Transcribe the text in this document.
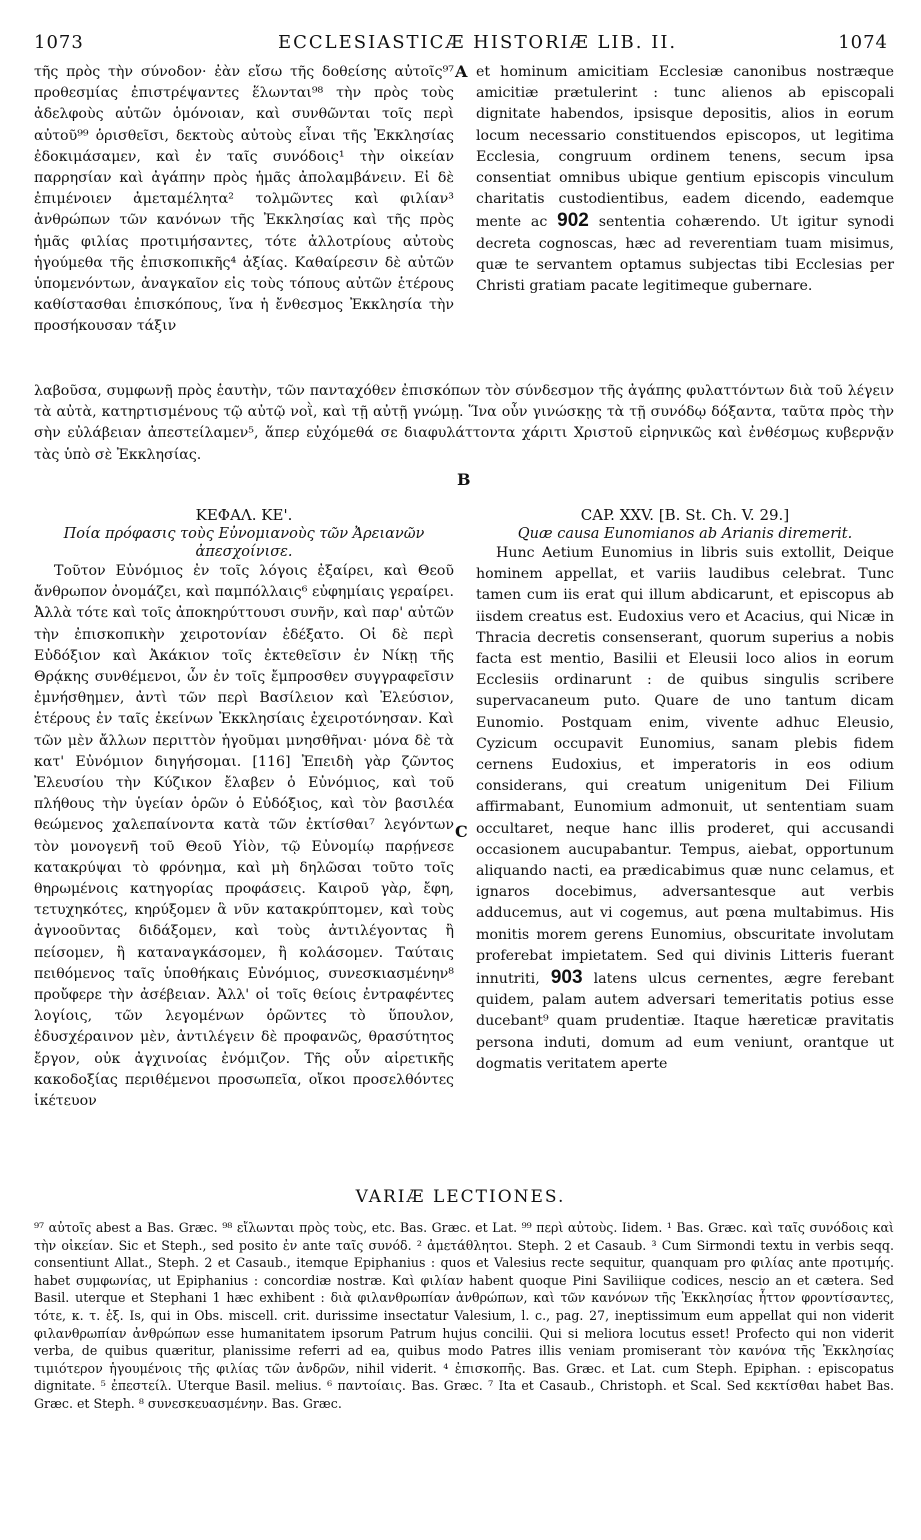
1073	ECCLESIASTICÆ HISTORIÆ LIB. II.	1074

τῆς πρὸς τὴν σύνοδον· ἐὰν εἴσω τῆς δοθείσης αὐτοῖς⁹⁷ προθεσμίας ἐπιστρέψαντες ἕλωνται⁹⁸ τὴν πρὸς τοὺς ἀδελφοὺς αὐτῶν ὁμόνοιαν, καὶ συνθῶνται τοῖς περὶ αὐτοῦ⁹⁹ ὁρισθεῖσι, δεκτοὺς αὐτοὺς εἶναι τῆς Ἐκκλησίας ἐδοκιμάσαμεν, καὶ ἐν ταῖς συνόδοις¹ τὴν οἰκείαν παρρησίαν καὶ ἀγάπην πρὸς ἡμᾶς ἀπολαμβάνειν. Εἰ δὲ ἐπιμένοιεν ἀμεταμέλητα² τολμῶντες καὶ φιλίαν³ ἀνθρώπων τῶν κανόνων τῆς Ἐκκλησίας καὶ τῆς πρὸς ἡμᾶς φιλίας προτιμήσαντες, τότε ἀλλοτρίους αὐτοὺς ἡγούμεθα τῆς ἐπισκοπικῆς⁴ ἀξίας. Καθαίρεσιν δὲ αὐτῶν ὑπομενόντων, ἀναγκαῖον εἰς τοὺς τόπους αὐτῶν ἑτέρους καθίστασθαι ἐπισκόπους, ἵνα ἡ ἔνθεσμος Ἐκκλησία τὴν προσήκουσαν τάξιν

A et hominum amicitiam Ecclesiæ canonibus nostræque amicitiæ prætulerint : tunc alienos ab episcopali dignitate habendos, ipsisque depositis, alios in eorum locum necessario constituendos episcopos, ut legitima Ecclesia, congruum ordinem tenens, secum ipsa consentiat omnibus ubique gentium episcopis vinculum charitatis custodientibus, eadem dicendo, eademque mente ac 902 sententia cohærendo. Ut igitur synodi decreta cognoscas, hæc ad reverentiam tuam misimus, quæ te servantem optamus subjectas tibi Ecclesias per Christi gratiam pacate legitimeque gubernare.

λαβοῦσα, συμφωνῇ πρὸς ἑαυτὴν, τῶν πανταχόθεν ἐπισκόπων τὸν σύνδεσμον τῆς ἀγάπης φυλαττόντων διὰ τοῦ λέγειν τὰ αὐτὰ, κατηρτισμένους τῷ αὐτῷ νοῒ, καὶ τῇ αὐτῇ γνώμῃ. Ἵνα οὖν γινώσκῃς τὰ τῇ συνόδῳ δόξαντα, ταῦτα πρὸς τὴν σὴν εὐλάβειαν ἀπεστείλαμεν⁵, ἅπερ εὐχόμεθά σε διαφυλάττοντα χάριτι Χριστοῦ εἰρηνικῶς καὶ ἐνθέσμως κυβερνᾷν τὰς ὑπὸ σὲ Ἐκκλησίας.
B

ΚΕΦΑΛ. ΚΕ'.

Ποία πρόφασις τοὺς Εὐνομιανοὺς τῶν Ἀρειανῶν ἀπεσχοίνισε.

Τοῦτον Εὐνόμιος ἐν τοῖς λόγοις ἐξαίρει, καὶ Θεοῦ ἄνθρωπον ὀνομάζει, καὶ παμπόλλαις⁶ εὐφημίαις γεραίρει. Ἀλλὰ τότε καὶ τοῖς ἀποκηρύττουσι συνῆν, καὶ παρ' αὐτῶν τὴν ἐπισκοπικὴν χειροτονίαν ἐδέξατο. Οἱ δὲ περὶ Εὐδόξιον καὶ Ἀκάκιον τοῖς ἐκτεθεῖσιν ἐν Νίκῃ τῆς Θρᾴκης συνθέμενοι, ὧν ἐν τοῖς ἔμπροσθεν συγγραφεῖσιν ἐμνήσθημεν, ἀντὶ τῶν περὶ Βασίλειον καὶ Ἐλεύσιον, ἑτέρους ἐν ταῖς ἐκείνων Ἐκκλησίαις ἐχειροτόνησαν. Καὶ τῶν μὲν ἄλλων περιττὸν ἡγοῦμαι μνησθῆναι· μόνα δὲ τὰ κατ' Εὐνόμιον διηγήσομαι. [116] Ἐπειδὴ γὰρ ζῶντος Ἐλευσίου τὴν Κύζικον ἔλαβεν ὁ Εὐνόμιος, καὶ τοῦ πλήθους τὴν ὑγείαν ὁρῶν ὁ Εὐδόξιος, καὶ τὸν βασιλέα θεώμενος χαλεπαίνοντα κατὰ τῶν ἐκτίσθαι⁷ λεγόντων τὸν μονογενῆ τοῦ Θεοῦ Υἱὸν, τῷ Εὐνομίῳ παρῄνεσε κατακρύψαι τὸ φρόνημα, καὶ μὴ δηλῶσαι τοῦτο τοῖς θηρωμένοις κατηγορίας προφάσεις. Καιροῦ γὰρ, ἔφη, τετυχηκότες, κηρύξομεν ἃ νῦν κατακρύπτομεν, καὶ τοὺς ἀγνοοῦντας διδάξομεν, καὶ τοὺς ἀντιλέγοντας ἢ πείσομεν, ἢ καταναγκάσομεν, ἢ κολάσομεν. Ταύταις πειθόμενος ταῖς ὑποθήκαις Εὐνόμιος, συνεσκιασμένην⁸ προὔφερε τὴν ἀσέβειαν. Ἀλλ' οἱ τοῖς θείοις ἐντραφέντες λογίοις, τῶν λεγομένων ὁρῶντες τὸ ὕπουλον, ἐδυσχέραινον μὲν, ἀντιλέγειν δὲ προφανῶς, θρασύτητος ἔργον, οὐκ ἀγχινοίας ἐνόμιζον. Τῆς οὖν αἱρετικῆς κακοδοξίας περιθέμενοι προσωπεῖα, οἴκοι προσελθόντες ἱκέτευον

C

CAP. XXV. [B. St. Ch. V. 29.]

Quæ causa Eunomianos ab Arianis diremerit.

Hunc Aetium Eunomius in libris suis extollit, Deique hominem appellat, et variis laudibus celebrat. Tunc tamen cum iis erat qui illum abdicarunt, et episcopus ab iisdem creatus est. Eudoxius vero et Acacius, qui Nicæ in Thracia decretis consenserant, quorum superius a nobis facta est mentio, Basilii et Eleusii loco alios in eorum Ecclesiis ordinarunt : de quibus singulis scribere supervacaneum puto. Quare de uno tantum dicam Eunomio. Postquam enim, vivente adhuc Eleusio, Cyzicum occupavit Eunomius, sanam plebis fidem cernens Eudoxius, et imperatoris in eos odium considerans, qui creatum unigenitum Dei Filium affirmabant, Eunomium admonuit, ut sententiam suam occultaret, neque hanc illis proderet, qui accusandi occasionem aucupabantur. Tempus, aiebat, opportunum aliquando nacti, ea prædicabimus quæ nunc celamus, et ignaros docebimus, adversantesque aut verbis adducemus, aut vi cogemus, aut pœna multabimus. His monitis morem gerens Eunomius, obscuritate involutam proferebat impietatem. Sed qui divinis Litteris fuerant innutriti, 903 latens ulcus cernentes, ægre ferebant quidem, palam autem adversari temeritatis potius esse ducebant⁹ quam prudentiæ. Itaque hæreticæ pravitatis persona induti, domum ad eum veniunt, orantque ut dogmatis veritatem aperte

VARIÆ LECTIONES.
⁹⁷ αὐτοῖς abest a Bas. Græc. ⁹⁸ εἴλωνται πρὸς τοὺς, etc. Bas. Græc. et Lat. ⁹⁹ περὶ αὐτοὺς. Iidem. ¹ Bas. Græc. καὶ ταῖς συνόδοις καὶ τὴν οἰκείαν. Sic et Steph., sed posito ἐν ante ταῖς συνόδ. ² ἀμετάθλητοι. Steph. 2 et Casaub. ³ Cum Sirmondi textu in verbis seqq. consentiunt Allat., Steph. 2 et Casaub., itemque Epiphanius : quos et Valesius recte sequitur, quanquam pro φιλίας ante προτιμής. habet συμφωνίας, ut Epiphanius : concordiæ nostræ. Καὶ φιλίαν habent quoque Pini Saviliique codices, nescio an et cætera. Sed Basil. uterque et Stephani 1 hæc exhibent : διὰ φιλανθρωπίαν ἀνθρώπων, καὶ τῶν κανόνων τῆς Ἐκκλησίας ἧττον φροντίσαντες, τότε, κ. τ. ἑξ. Is, qui in Obs. miscell. crit. durissime insectatur Valesium, l. c., pag. 27, ineptissimum eum appellat qui non viderit φιλανθρωπίαν ἀνθρώπων esse humanitatem ipsorum Patrum hujus concilii. Qui si meliora locutus esset! Profecto qui non viderit verba, de quibus quæritur, planissime referri ad ea, quibus modo Patres illis veniam promiserant τὸν κανόνα τῆς Ἐκκλησίας τιμιότερον ἡγουμένοις τῆς φιλίας τῶν ἀνδρῶν, nihil viderit. ⁴ ἐπισκοπῆς. Bas. Græc. et Lat. cum Steph. Epiphan. : episcopatus dignitate. ⁵ ἐπεστείλ. Uterque Basil. melius. ⁶ παντοίαις. Bas. Græc. ⁷ Ita et Casaub., Christoph. et Scal. Sed κεκτίσθαι habet Bas. Græc. et Steph. ⁸ συνεσκευασμένην. Bas. Græc.
